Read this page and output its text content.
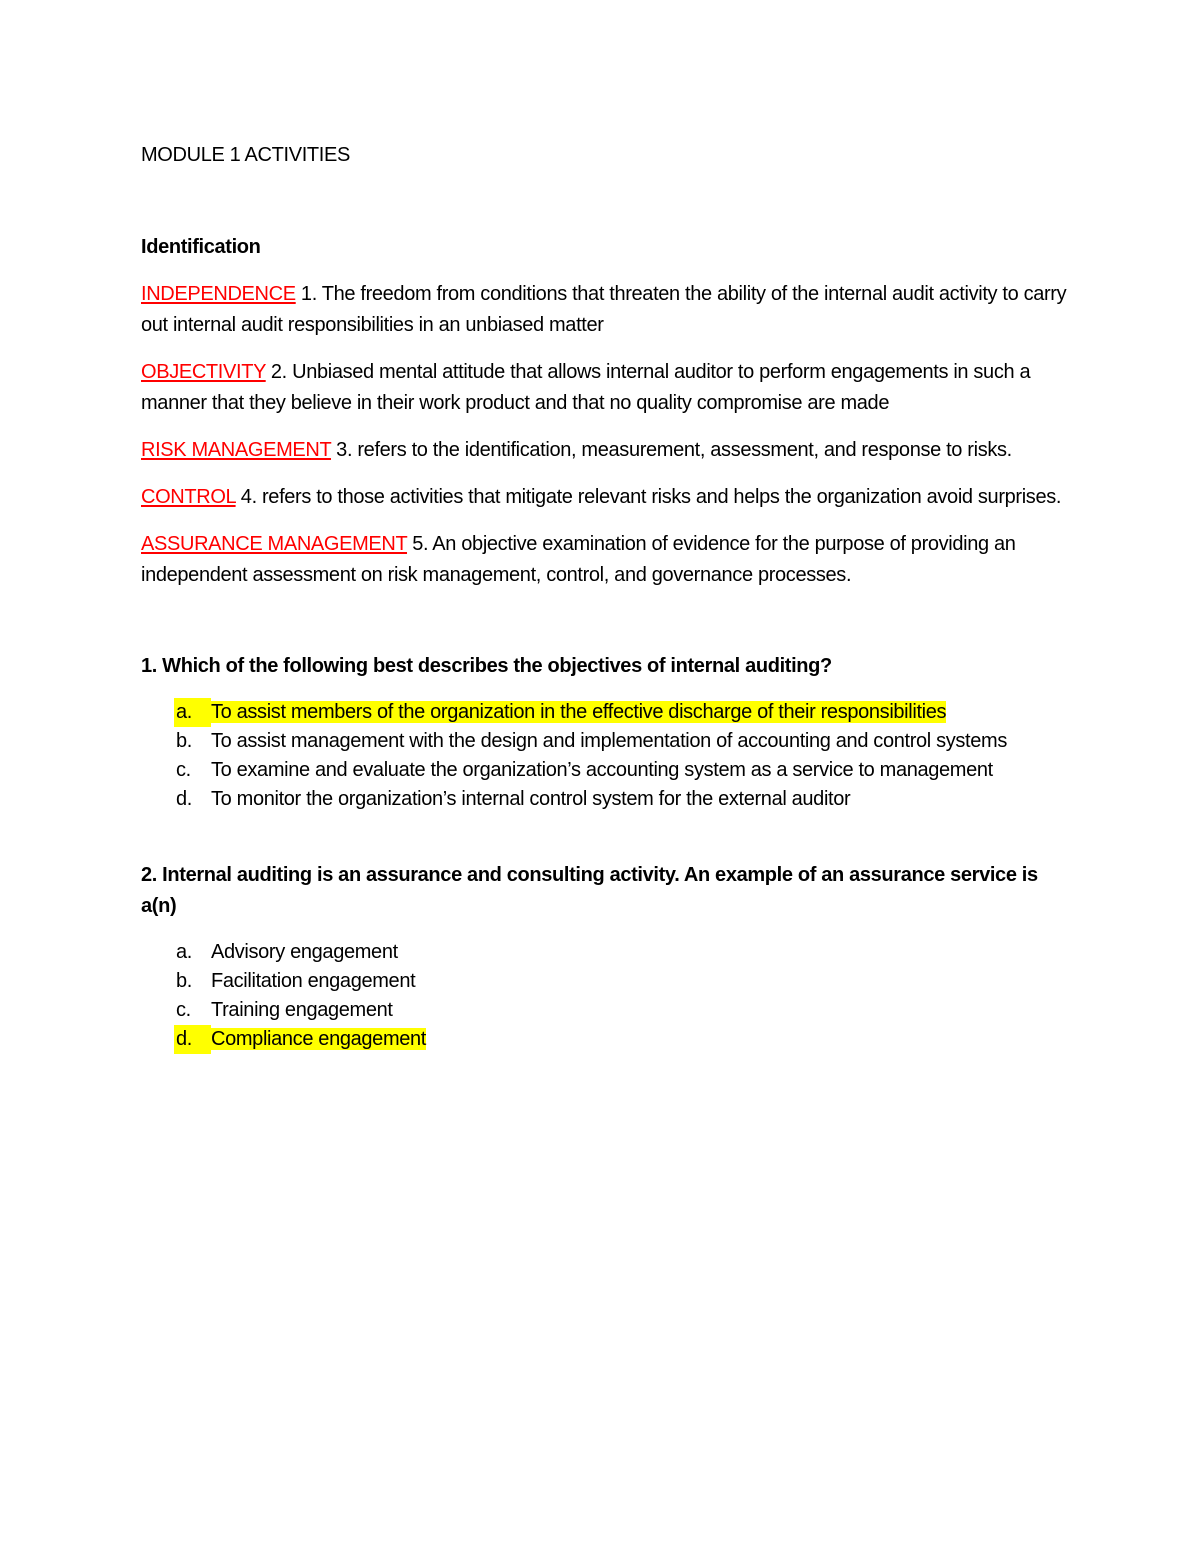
MODULE 1 ACTIVITIES

Identification

INDEPENDENCE 1. The freedom from conditions that threaten the ability of the internal audit activity to carry out internal audit responsibilities in an unbiased matter

OBJECTIVITY 2. Unbiased mental attitude that allows internal auditor to perform engagements in such a manner that they believe in their work product and that no quality compromise are made

RISK MANAGEMENT 3. refers to the identification, measurement, assessment, and response to risks.

CONTROL 4. refers to those activities that mitigate relevant risks and helps the organization avoid surprises.

ASSURANCE MANAGEMENT 5. An objective examination of evidence for the purpose of providing an independent assessment on risk management, control, and governance processes.

1. Which of the following best describes the objectives of internal auditing?

a. To assist members of the organization in the effective discharge of their responsibilities
b. To assist management with the design and implementation of accounting and control systems
c.	To examine and evaluate the organization’s accounting system as a service to management
d. To monitor the organization’s internal control system for the external auditor

2. Internal auditing is an assurance and consulting activity. An example of an assurance service is a(n)

a. Advisory engagement
b. Facilitation engagement
c.	Training engagement
d. Compliance engagement
